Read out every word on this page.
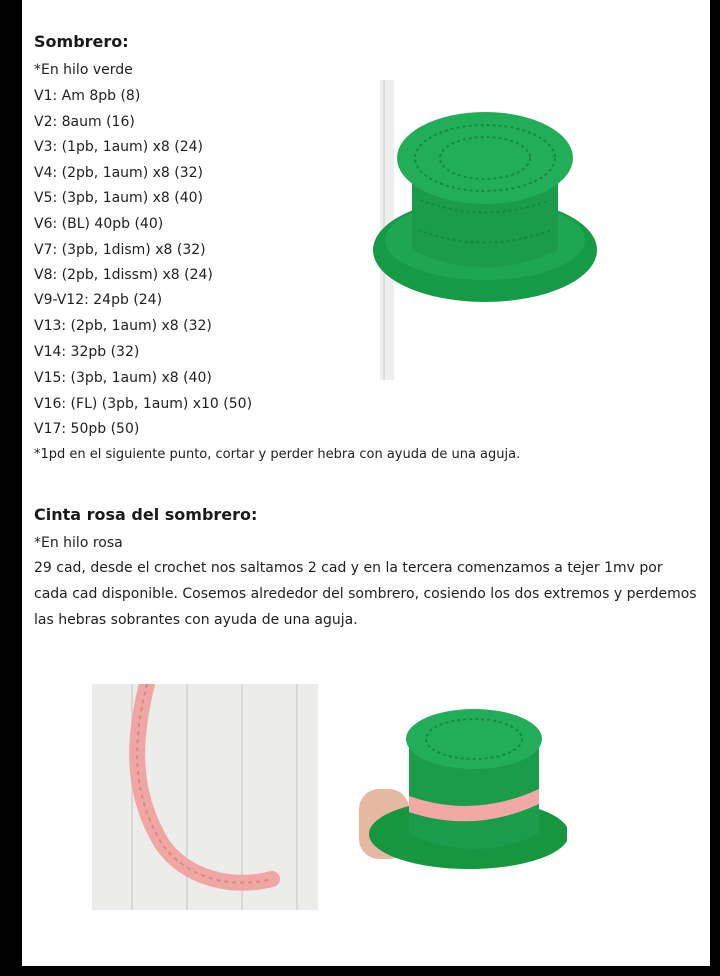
Sombrero:
*En hilo verde
V1: Am 8pb (8)
V2: 8aum (16)
V3: (1pb, 1aum) x8 (24)
V4: (2pb, 1aum) x8 (32)
V5: (3pb, 1aum) x8 (40)
V6: (BL) 40pb (40)
V7: (3pb, 1dism) x8 (32)
V8: (2pb, 1dissm) x8 (24)
V9-V12: 24pb (24)
V13: (2pb, 1aum) x8 (32)
V14: 32pb (32)
V15: (3pb, 1aum) x8 (40)
V16: (FL) (3pb, 1aum) x10 (50)
V17: 50pb (50)
*1pd en el siguiente punto, cortar y perder hebra con ayuda de una aguja.
Cinta rosa del sombrero:
*En hilo rosa
29 cad, desde el crochet nos saltamos 2 cad y en la tercera comenzamos a tejer 1mv por
cada cad disponible. Cosemos alrededor del sombrero, cosiendo los dos extremos y perdemos
las hebras sobrantes con ayuda de una aguja.
